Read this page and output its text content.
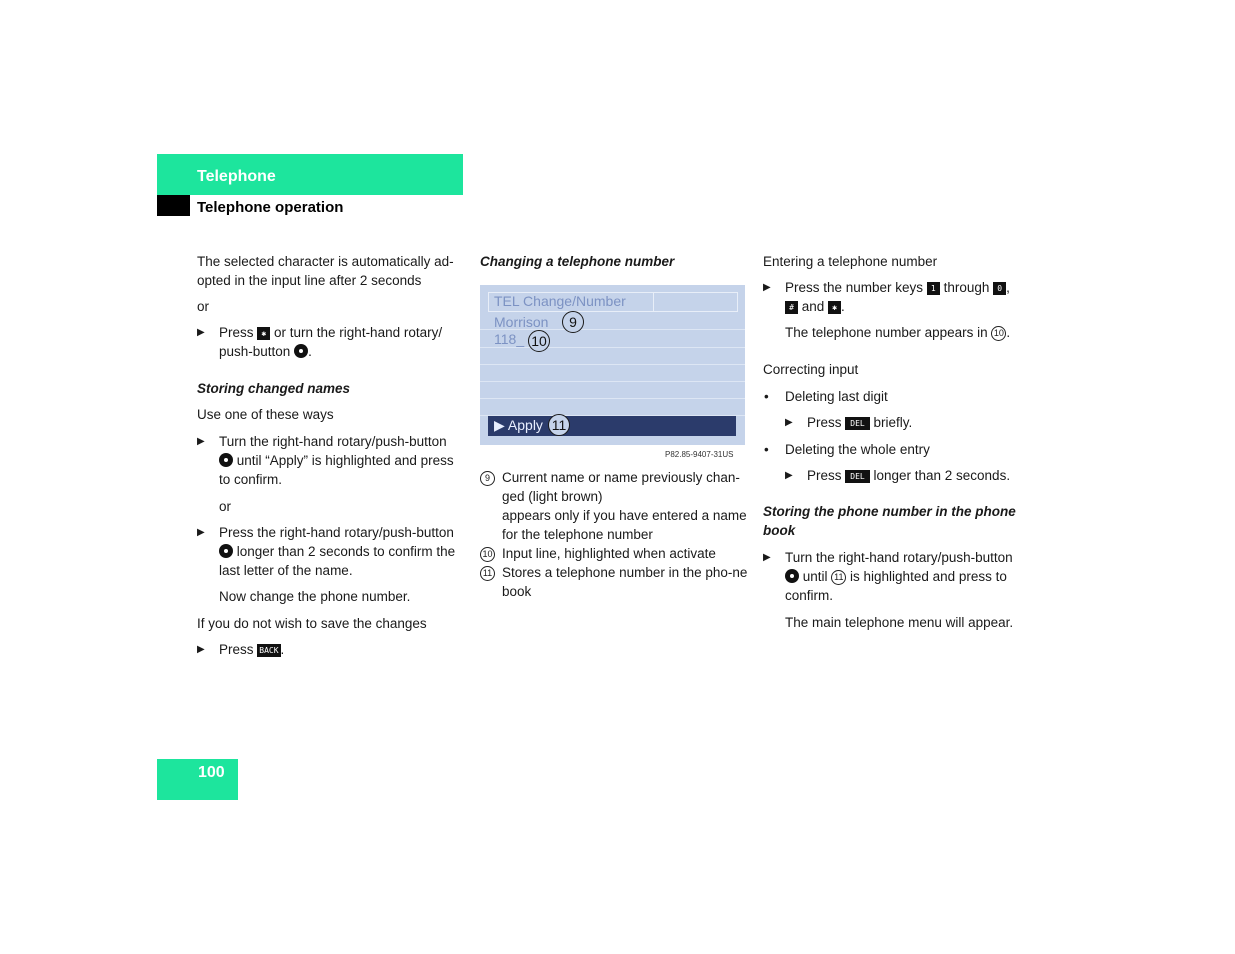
Telephone
Telephone operation

The selected character is automatically ad-opted in the input line after 2 seconds

or

▶ Press ✱ or turn the right-hand rotary/ push-button .

Storing changed names

Use one of these ways

▶ Turn the right-hand rotary/push-button
until “Apply” is highlighted and press to confirm.

or

▶ Press the right-hand rotary/push-button  longer than 2 seconds to confirm the last letter of the name.

Now change the phone number.

If you do not wish to save the changes

▶ Press BACK .

Changing a telephone number
TEL Change/Number
Morrison	9
118_ 10
▶ Apply 11
P82.85-9407-31US
9 Current name or name previously chan-ged (light brown)
appears only if you have entered a name for the telephone number
10 Input line, highlighted when activate
11 Stores a telephone number in the pho-ne book

Entering a telephone number

▶ Press the number keys 1 through 0 ,
# and ✱ .

The telephone number appears in 10 .

Correcting input

• Deleting last digit

▶ Press DEL briefly.

• Deleting the whole entry

▶ Press DEL longer than 2 seconds.

Storing the phone number in the phone book

▶ Turn the right-hand rotary/push-button
until 11 is highlighted and press to confirm.

The main telephone menu will appear.

100
